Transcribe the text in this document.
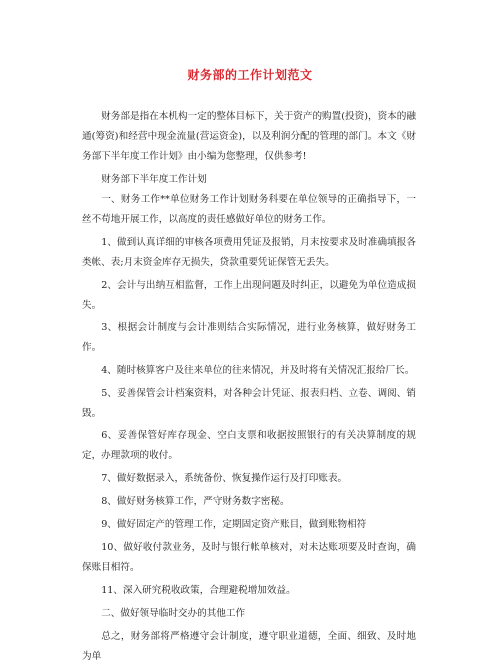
财务部的工作计划范文

财务部是指在本机构一定的整体目标下，关于资产的购置(投资)，资本的融通(筹资)和经营中现金流量(营运资金)，以及利润分配的管理的部门。本文《财务部下半年度工作计划》由小编为您整理，仅供参考!

财务部下半年度工作计划

一、财务工作**单位财务工作计划财务科要在单位领导的正确指导下，一丝不苟地开展工作，以高度的责任感做好单位的财务工作。

1、做到认真详细的审核各项费用凭证及报销，月末按要求及时准确填报各类帐、表;月末资金库存无损失，贷款重要凭证保管无丢失。

2、会计与出纳互相监督，工作上出现问题及时纠正，以避免为单位造成损失。

3、根据会计制度与会计准则结合实际情况，进行业务核算，做好财务工作。

4、随时核算客户及往来单位的往来情况，并及时将有关情况汇报给厂长。

5、妥善保管会计档案资料，对各种会计凭证、报表归档、立卷、调阅、销毁。

6、妥善保管好库存现金、空白支票和收据按照银行的有关决算制度的规定，办理款项的收付。

7、做好数据录入，系统备份、恢复操作运行及打印账表。

8、做好财务核算工作，严守财务数字密秘。

9、做好固定产的管理工作，定期固定资产账目，做到账物相符

10、做好收付款业务，及时与银行帐单核对，对未达账项要及时查询，确保账目相符。

11、深入研究税收政策，合理避税增加效益。

二、做好领导临时交办的其他工作

总之，财务部将严格遵守会计制度，遵守职业道德，全面、细致、及时地为单
